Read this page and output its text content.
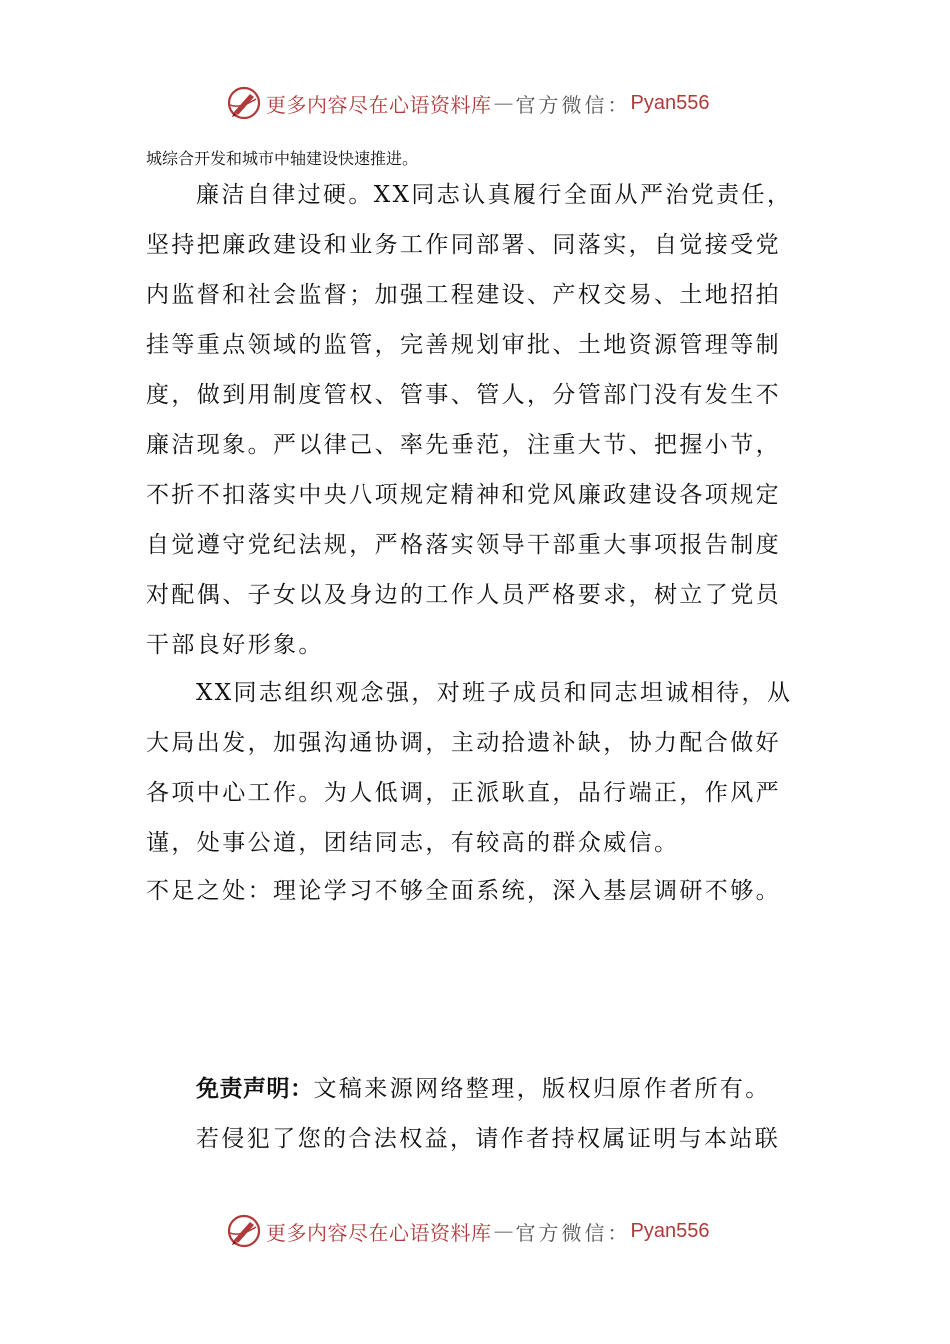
更多内容尽在心语资料库 — 官方微信： Pyan556
城综合开发和城市中轴建设快速推进。
廉洁自律过硬。XX同志认真履行全面从严治党责任，
坚持把廉政建设和业务工作同部署、同落实，自觉接受党
内监督和社会监督；加强工程建设、产权交易、土地招拍
挂等重点领域的监管，完善规划审批、土地资源管理等制
度，做到用制度管权、管事、管人，分管部门没有发生不
廉洁现象。严以律己、率先垂范，注重大节、把握小节，
不折不扣落实中央八项规定精神和党风廉政建设各项规定
自觉遵守党纪法规，严格落实领导干部重大事项报告制度
对配偶、子女以及身边的工作人员严格要求，树立了党员
干部良好形象。
XX同志组织观念强，对班子成员和同志坦诚相待，从
大局出发，加强沟通协调，主动拾遗补缺，协力配合做好
各项中心工作。为人低调，正派耿直，品行端正，作风严
谨，处事公道，团结同志，有较高的群众威信。
不足之处：理论学习不够全面系统，深入基层调研不够。
免责声明：文稿来源网络整理，版权归原作者所有。
若侵犯了您的合法权益，请作者持权属证明与本站联
更多内容尽在心语资料库 — 官方微信： Pyan556
